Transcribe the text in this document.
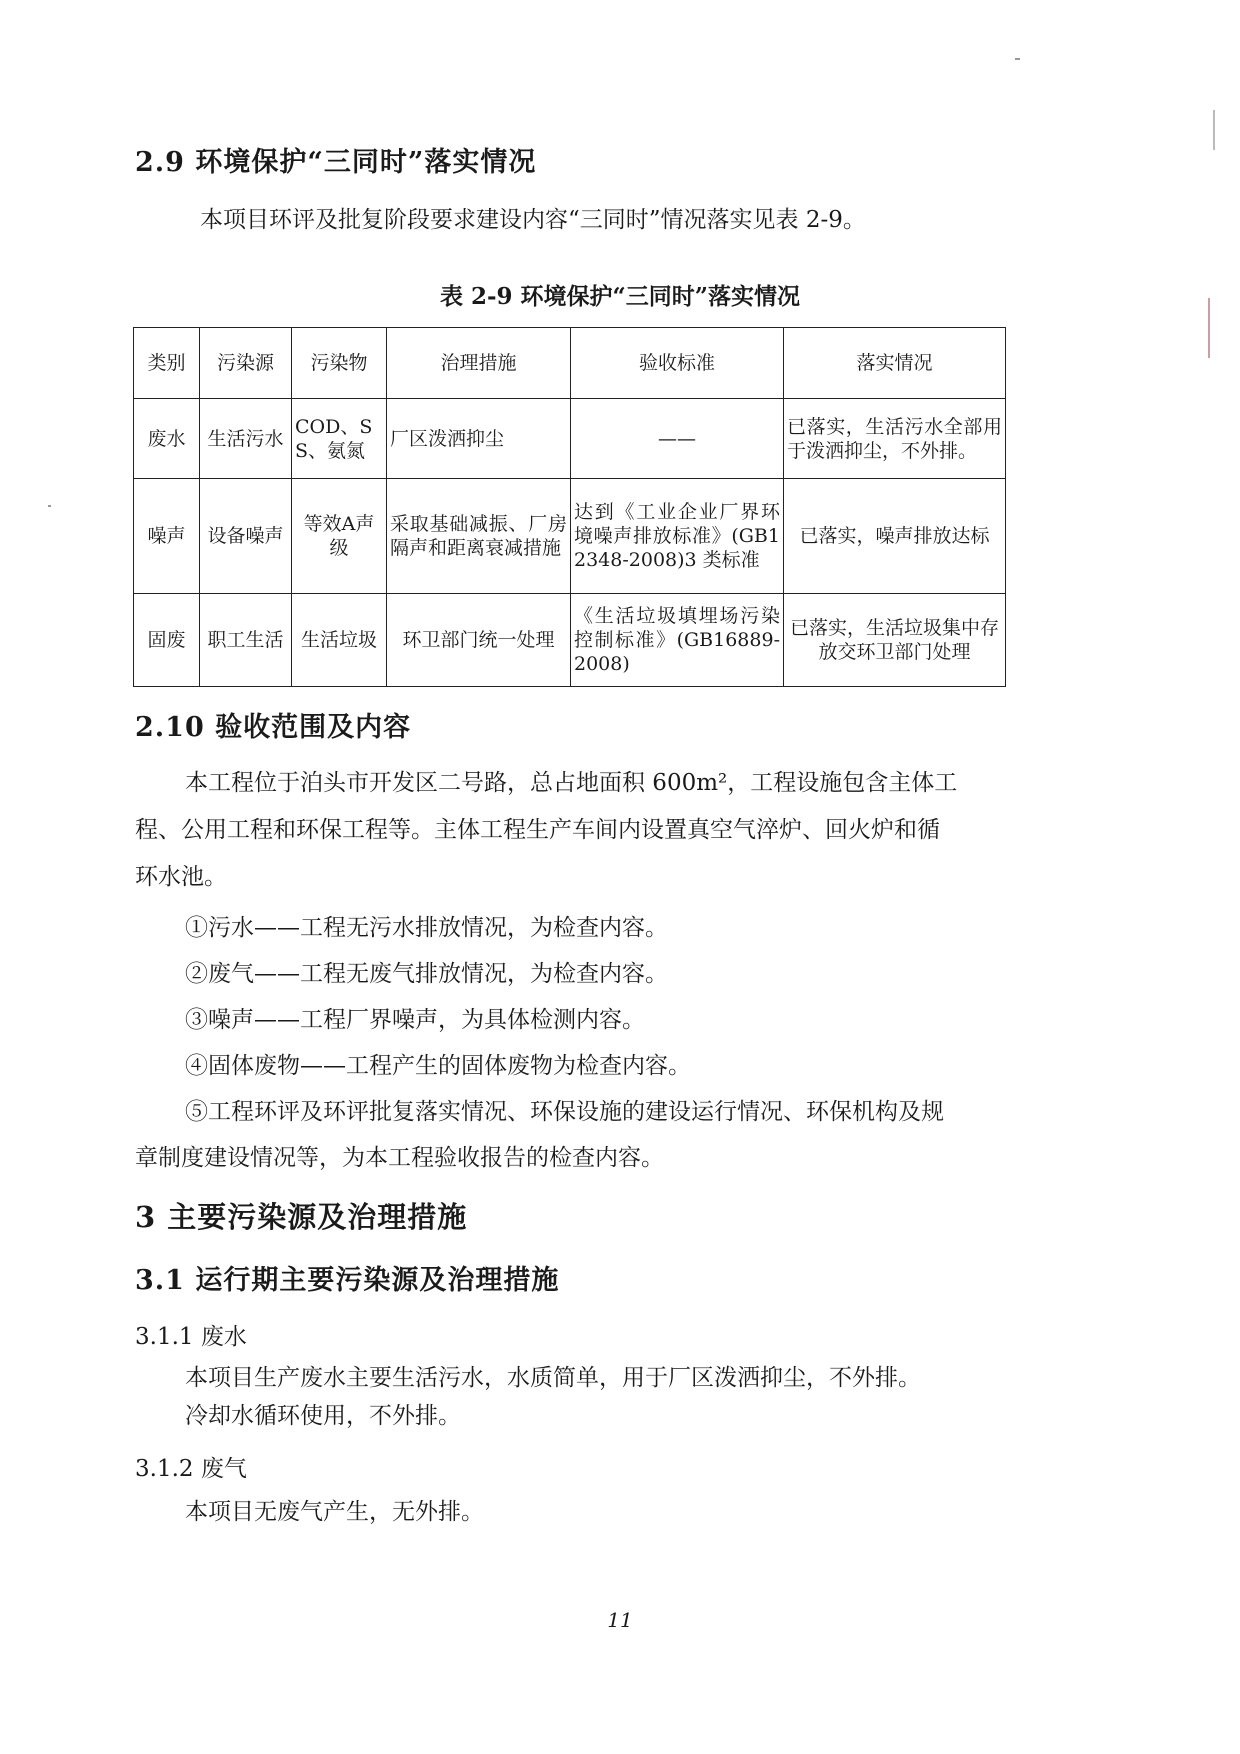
2.9 环境保护“三同时”落实情况
本项目环评及批复阶段要求建设内容“三同时”情况落实见表 2-9。
表 2-9 环境保护“三同时”落实情况
类别	污染源	污染物	治理措施	验收标准	落实情况
废水	生活污水	COD、SS、氨氮	厂区泼洒抑尘	——	已落实，生活污水全部用于泼洒抑尘，不外排。
噪声	设备噪声	等效A声级	采取基础减振、厂房隔声和距离衰减措施	达到《工业企业厂界环境噪声排放标准》(GB12348-2008)3 类标准	已落实，噪声排放达标
固废	职工生活	生活垃圾	环卫部门统一处理	《生活垃圾填埋场污染控制标准》(GB16889-2008)	已落实，生活垃圾集中存放交环卫部门处理
2.10 验收范围及内容
本工程位于泊头市开发区二号路，总占地面积 600m²，工程设施包含主体工
程、公用工程和环保工程等。主体工程生产车间内设置真空气淬炉、回火炉和循
环水池。
①污水——工程无污水排放情况，为检查内容。
②废气——工程无废气排放情况，为检查内容。
③噪声——工程厂界噪声，为具体检测内容。
④固体废物——工程产生的固体废物为检查内容。
⑤工程环评及环评批复落实情况、环保设施的建设运行情况、环保机构及规
章制度建设情况等，为本工程验收报告的检查内容。
3 主要污染源及治理措施
3.1 运行期主要污染源及治理措施
3.1.1 废水
本项目生产废水主要生活污水，水质简单，用于厂区泼洒抑尘，不外排。
冷却水循环使用，不外排。
3.1.2 废气
本项目无废气产生，无外排。
11
